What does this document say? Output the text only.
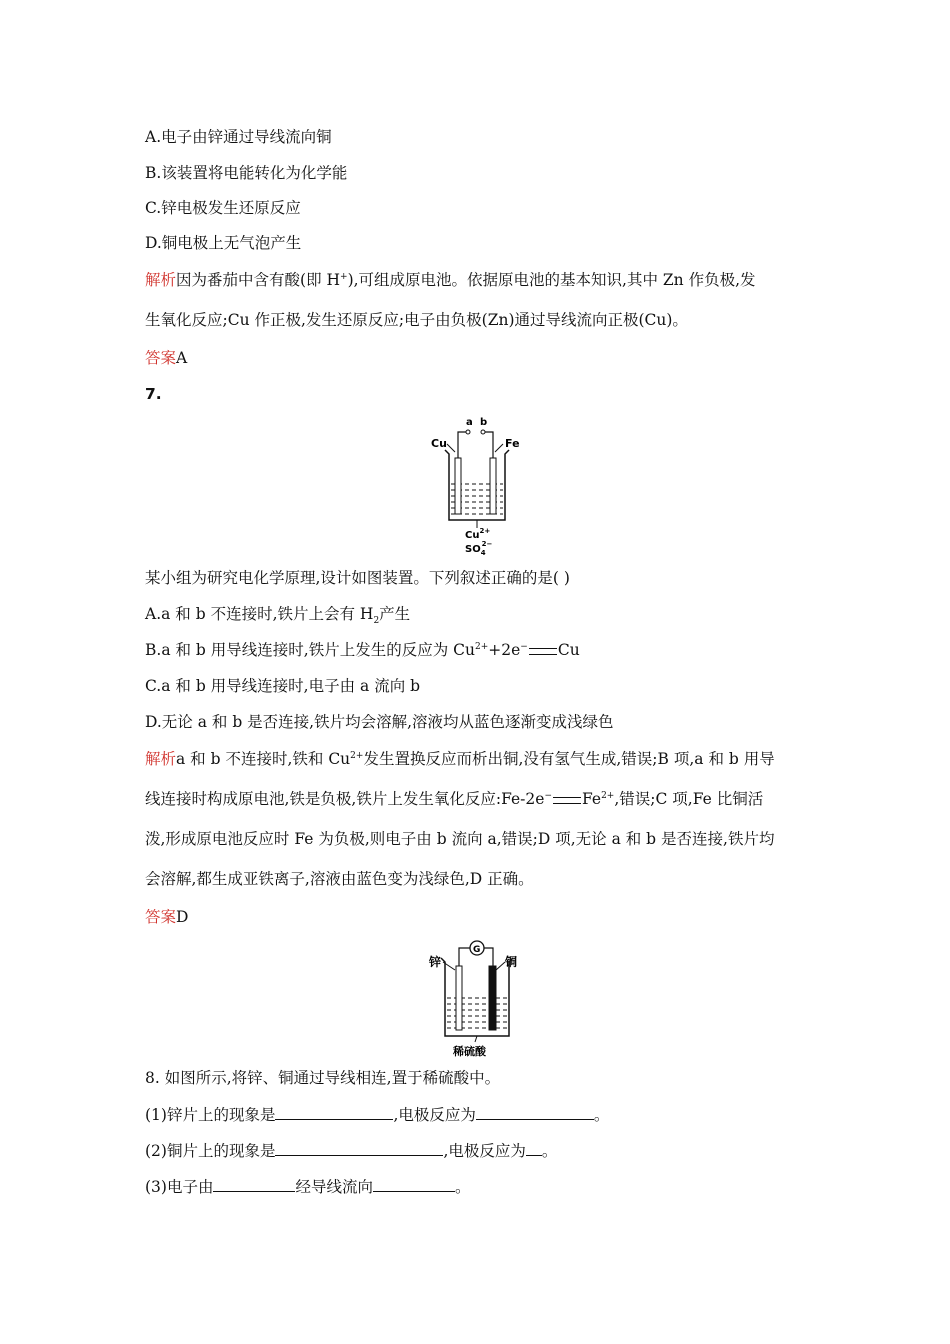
A.电子由锌通过导线流向铜
B.该装置将电能转化为化学能
C.锌电极发生还原反应
D.铜电极上无气泡产生
解析因为番茄中含有酸(即 H+),可组成原电池。依据原电池的基本知识,其中 Zn 作负极,发
生氧化反应;Cu 作正极,发生还原反应;电子由负极(Zn)通过导线流向正极(Cu)。
答案A
7.
a b
Cu	Fe
$Cu^{2+}$
$SO_42-$
某小组为研究电化学原理,设计如图装置。下列叙述正确的是( )
A.a 和 b 不连接时,铁片上会有 $H_2$产生
B.a 和 b 用导线连接时,铁片上发生的反应为 $Cu^{2+}+2e^-$ Cu
C.a 和 b 用导线连接时,电子由 a 流向 b
D.无论 a 和 b 是否连接,铁片均会溶解,溶液均从蓝色逐渐变成浅绿色
解析a 和 b 不连接时,铁和 $Cu^{2+}$发生置换反应而析出铜,没有氢气生成,错误;B 项,a 和 b 用导
线连接时构成原电池,铁是负极,铁片上发生氧化反应:Fe-2e− $Fe^{2+}$,错误;C 项,Fe 比铜活
泼,形成原电池反应时 Fe 为负极,则电子由 b 流向 a,错误;D 项,无论 a 和 b 是否连接,铁片均
会溶解,都生成亚铁离子,溶液由蓝色变为浅绿色,D 正确。
答案D
G
锌	铜
稀硫酸
8. 如图所示,将锌、铜通过导线相连,置于稀硫酸中。
(1)锌片上的现象是	,电极反应为	。
(2)铜片上的现象是	,电极反应为 。
(3)电子由	经导线流向	。
